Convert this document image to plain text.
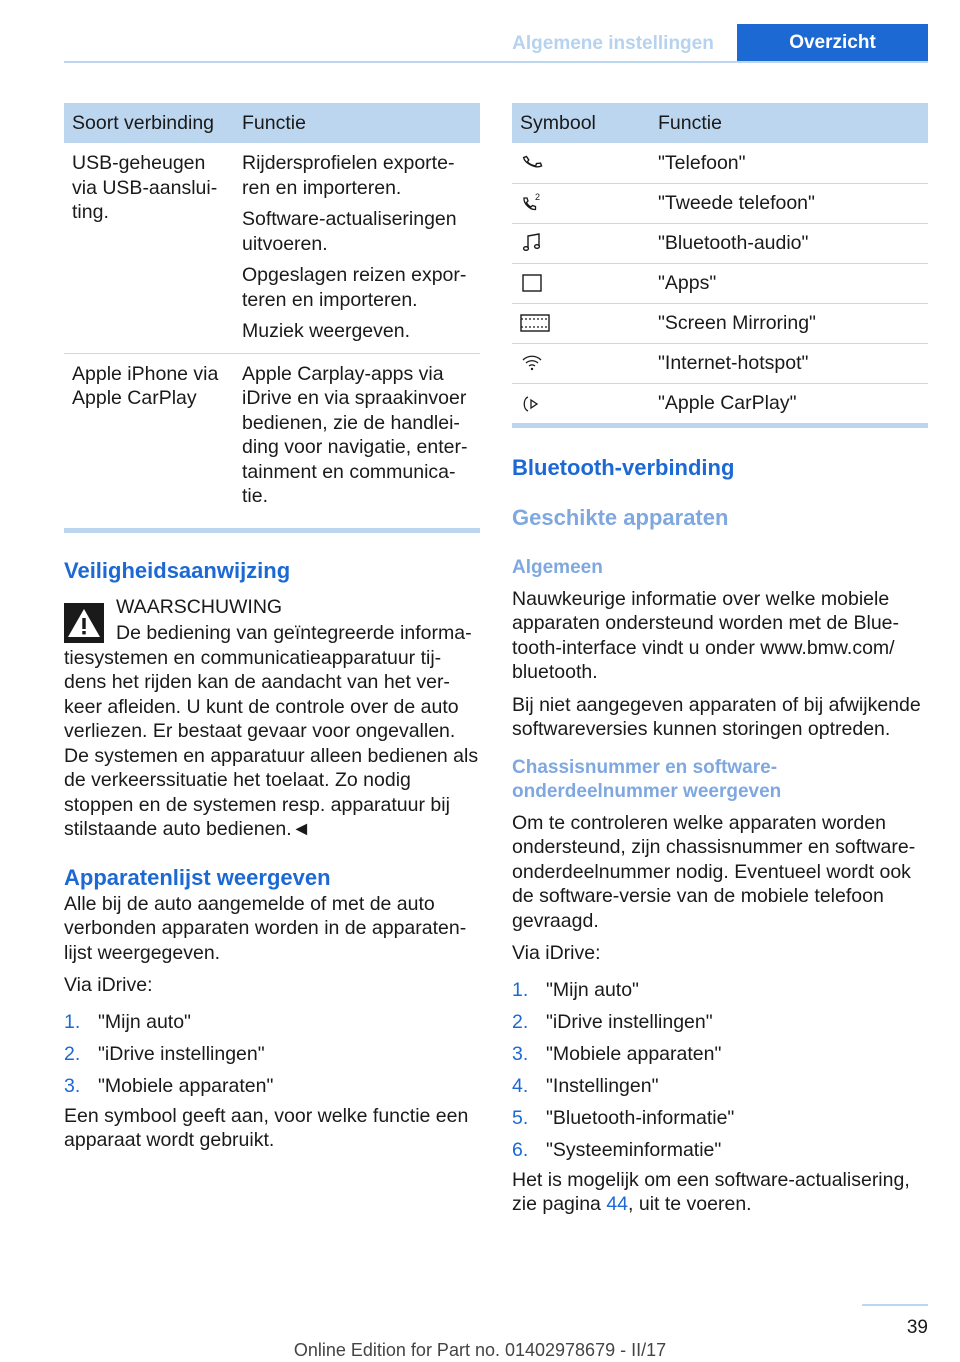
Algemene instellingen	Overzicht
Soort verbinding	Functie
USB-geheugen via USB-aanslui-ting.	Rijdersprofielen exporte-ren en importeren.

Software-actualiseringen uitvoeren.

Opgeslagen reizen expor-teren en importeren.

Muziek weergeven.

Apple iPhone via Apple CarPlay	Apple Carplay-apps via iDrive en via spraakinvoer bedienen, zie de handlei-ding voor navigatie, enter-tainment en communica-tie.

Veiligheidsaanwijzing

WAARSCHUWING

De bediening van geïntegreerde informa-tiesystemen en communicatieapparatuur tij-dens het rijden kan de aandacht van het ver-keer afleiden. U kunt de controle over de auto verliezen. Er bestaat gevaar voor ongevallen. De systemen en apparatuur alleen bedienen als de verkeerssituatie het toelaat. Zo nodig stoppen en de systemen resp. apparatuur bij stilstaande auto bedienen.◄

Apparatenlijst weergeven

Alle bij de auto aangemelde of met de auto verbonden apparaten worden in de apparaten-lijst weergegeven.

Via iDrive:

1. "Mijn auto"
2. "iDrive instellingen"
3. "Mobiele apparaten"

Een symbool geeft aan, voor welke functie een apparaat wordt gebruikt.

Symbool	Functie
	"Telefoon"

2	"Tweede telefoon"
	"Bluetooth-audio"
	"Apps"
	"Screen Mirroring"
	"Internet-hotspot"
	"Apple CarPlay"
Bluetooth-verbinding
Geschikte apparaten
Algemeen

Nauwkeurige informatie over welke mobiele apparaten ondersteund worden met de Blue-tooth-interface vindt u onder www.bmw.com/ bluetooth.

Bij niet aangegeven apparaten of bij afwijkende softwareversies kunnen storingen optreden.

Chassisnummer en software-
onderdeelnummer weergeven

Om te controleren welke apparaten worden ondersteund, zijn chassisnummer en software-onderdeelnummer nodig. Eventueel wordt ook de software-versie van de mobiele telefoon gevraagd.

Via iDrive:

1. "Mijn auto"
2. "iDrive instellingen"
3. "Mobiele apparaten"
4. "Instellingen"
5. "Bluetooth-informatie"
6. "Systeeminformatie"

Het is mogelijk om een software-actualisering, zie pagina 44, uit te voeren.

39
Online Edition for Part no. 01402978679 - II/17
